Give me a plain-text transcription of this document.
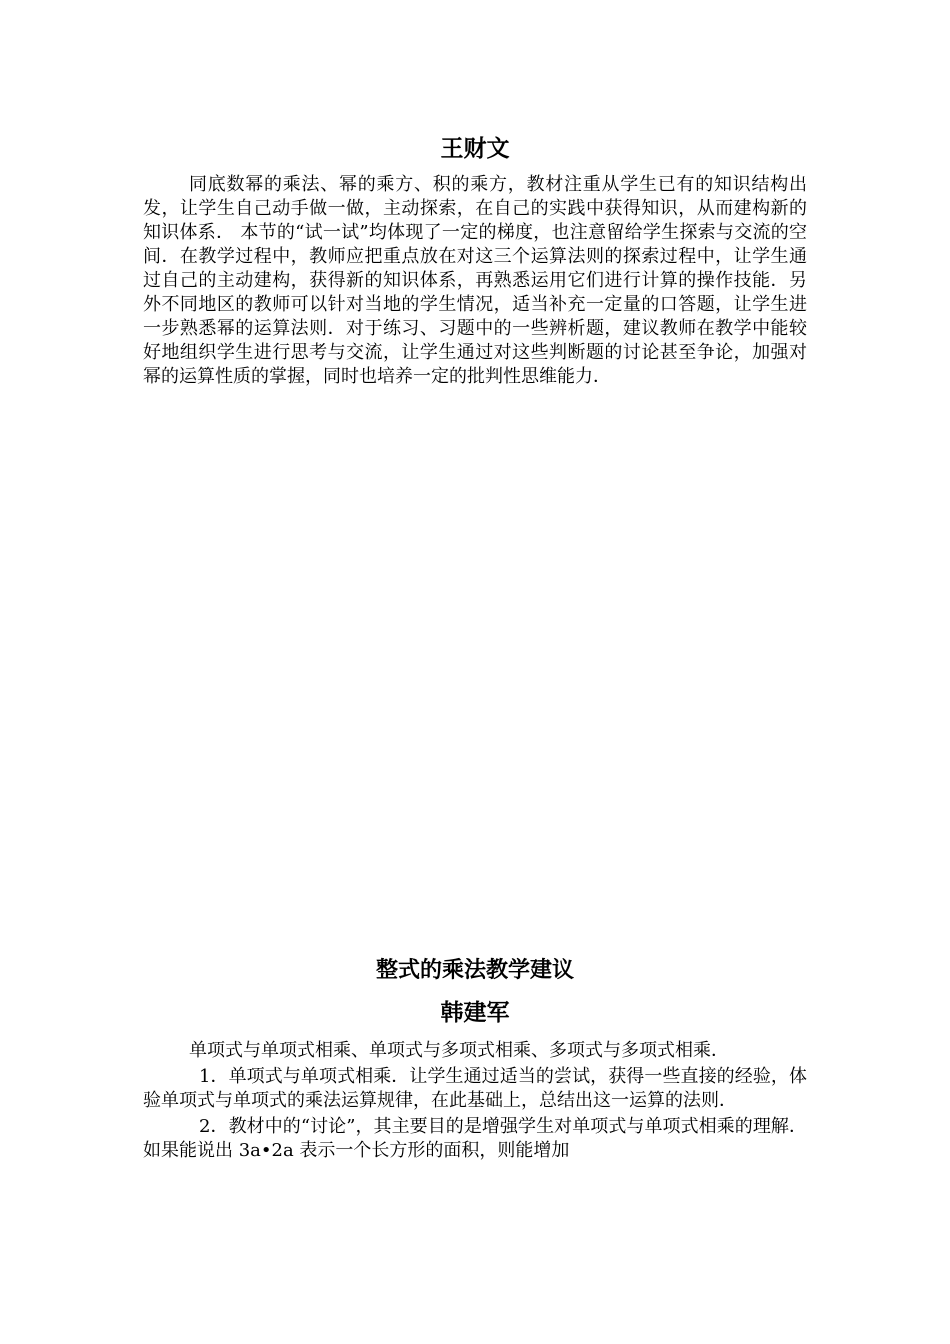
王财文

同底数幂的乘法、幂的乘方、积的乘方，教材注重从学生已有的知识结构出发，让学生自己动手做一做，主动探索，在自己的实践中获得知识，从而建构新的知识体系． 本节的“试一试”均体现了一定的梯度，也注意留给学生探索与交流的空间．在教学过程中，教师应把重点放在对这三个运算法则的探索过程中，让学生通过自己的主动建构，获得新的知识体系，再熟悉运用它们进行计算的操作技能．另外不同地区的教师可以针对当地的学生情况，适当补充一定量的口答题，让学生进一步熟悉幂的运算法则．对于练习、习题中的一些辨析题，建议教师在教学中能较好地组织学生进行思考与交流，让学生通过对这些判断题的讨论甚至争论，加强对幂的运算性质的掌握，同时也培养一定的批判性思维能力．

整式的乘法教学建议
韩建军

单项式与单项式相乘、单项式与多项式相乘、多项式与多项式相乘．

1．单项式与单项式相乘．让学生通过适当的尝试，获得一些直接的经验，体验单项式与单项式的乘法运算规律，在此基础上，总结出这一运算的法则．

2．教材中的“讨论”，其主要目的是增强学生对单项式与单项式相乘的理解．如果能说出 3a•2a 表示一个长方形的面积，则能增加
